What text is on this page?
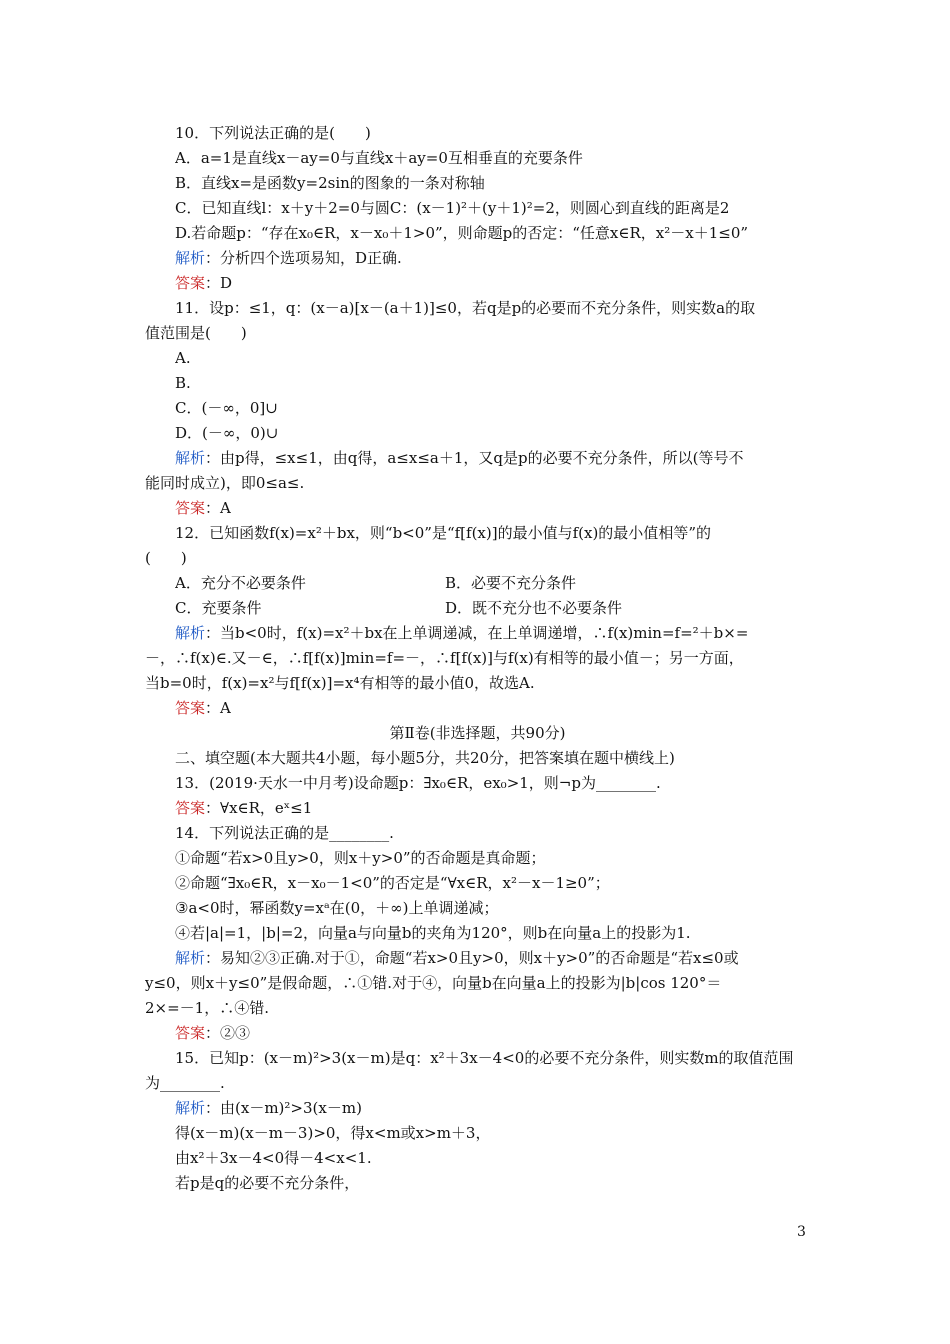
10．下列说法正确的是(　　)
A．a=1是直线x－ay=0与直线x＋ay=0互相垂直的充要条件
B．直线x=是函数y=2sin的图象的一条对称轴
C．已知直线l：x＋y＋2=0与圆C：(x－1)²＋(y＋1)²=2，则圆心到直线的距离是2
D.若命题p：“存在x₀∈R，x－x₀＋1>0”，则命题p的否定：“任意x∈R，x²－x＋1≤0”
解析：分析四个选项易知，D正确.
答案：D
11．设p：≤1，q：(x－a)[x－(a＋1)]≤0，若q是p的必要而不充分条件，则实数a的取
值范围是(　　)
A.
B.
C．(－∞，0]∪
D．(－∞，0)∪
解析：由p得，≤x≤1，由q得，a≤x≤a＋1，又q是p的必要不充分条件，所以(等号不
能同时成立)，即0≤a≤.
答案：A
12．已知函数f(x)=x²＋bx，则“b<0”是“f[f(x)]的最小值与f(x)的最小值相等”的
(　　)
A．充分不必要条件	B．必要不充分条件
C．充要条件	D．既不充分也不必要条件
解析：当b<0时，f(x)=x²＋bx在上单调递减，在上单调递增，∴f(x)min=f=²＋b×=
－，∴f(x)∈.又－∈，∴f[f(x)]min=f=－，∴f[f(x)]与f(x)有相等的最小值－；另一方面，
当b=0时，f(x)=x²与f[f(x)]=x⁴有相等的最小值0，故选A.
答案：A
第Ⅱ卷(非选择题，共90分)
二、填空题(本大题共4小题，每小题5分，共20分，把答案填在题中横线上)
13．(2019·天水一中月考)设命题p：∃x₀∈R，ex₀>1，则¬p为________.
答案：∀x∈R，eˣ≤1
14．下列说法正确的是________.
①命题“若x>0且y>0，则x＋y>0”的否命题是真命题；
②命题“∃x₀∈R，x－x₀－1<0”的否定是“∀x∈R，x²－x－1≥0”；
③a<0时，幂函数y=xᵃ在(0，＋∞)上单调递减；
④若|a|=1，|b|=2，向量a与向量b的夹角为120°，则b在向量a上的投影为1.
解析：易知②③正确.对于①，命题“若x>0且y>0，则x＋y>0”的否命题是“若x≤0或
y≤0，则x＋y≤0”是假命题，∴①错.对于④，向量b在向量a上的投影为|b|cos 120°＝
2×=－1，∴④错.
答案：②③
15．已知p：(x－m)²>3(x－m)是q：x²＋3x－4<0的必要不充分条件，则实数m的取值范围
为________.
解析：由(x－m)²>3(x－m)
得(x－m)(x－m－3)>0，得x<m或x>m＋3，
由x²＋3x－4<0得－4<x<1.
若p是q的必要不充分条件，
3
